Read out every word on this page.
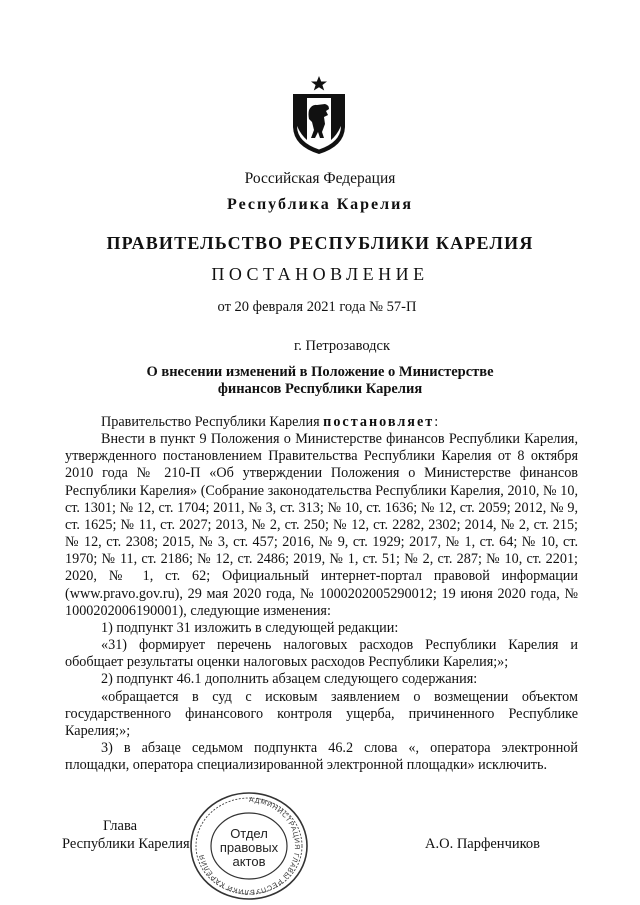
Российская Федерация
Республика Карелия
ПРАВИТЕЛЬСТВО РЕСПУБЛИКИ КАРЕЛИЯ
ПОСТАНОВЛЕНИЕ
от 20 февраля 2021 года № 57-П
г. Петрозаводск
О внесении изменений в Положение о Министерстве
финансов Республики Карелия

Правительство Республики Карелия постановляет:

Внести в пункт 9 Положения о Министерстве финансов Республики Карелия, утвержденного постановлением Правительства Республики Карелия от 8 октября 2010 года № 210-П «Об утверждении Положения о Министерстве финансов Республики Карелия» (Собрание законодательства Республики Карелия, 2010, № 10, ст. 1301; № 12, ст. 1704; 2011, № 3, ст. 313; № 10, ст. 1636; № 12, ст. 2059; 2012, № 9, ст. 1625; № 11, ст. 2027; 2013, № 2, ст. 250; № 12, ст. 2282, 2302; 2014, № 2, ст. 215; № 12, ст. 2308; 2015, № 3, ст. 457; 2016, № 9, ст. 1929; 2017, № 1, ст. 64; № 10, ст. 1970; № 11, ст. 2186; № 12, ст. 2486; 2019, № 1, ст. 51; № 2, ст. 287; № 10, ст. 2201; 2020, № 1, ст. 62; Официальный интернет-портал правовой информации (www.pravo.gov.ru), 29 мая 2020 года, № 1000202005290012; 19 июня 2020 года, № 1000202006190001), следующие изменения:

1) подпункт 31 изложить в следующей редакции:

«31) формирует перечень налоговых расходов Республики Карелия и обобщает результаты оценки налоговых расходов Республики Карелия;»;

2) подпункт 46.1 дополнить абзацем следующего содержания:

«обращается в суд с исковым заявлением о возмещении объектом государственного финансового контроля ущерба, причиненного Республике Карелия;»;

3) в абзаце седьмом подпункта 46.2 слова «, оператора электронной площадки, оператора специализированной электронной площадки» исключить.

Глава
Республики Карелия	А.О. Парфенчиков
АДМИНИСТРАЦИЯ ГЛАВЫ РЕСПУБЛИКИ КАРЕЛИЯ
Отдел
правовых
актов
